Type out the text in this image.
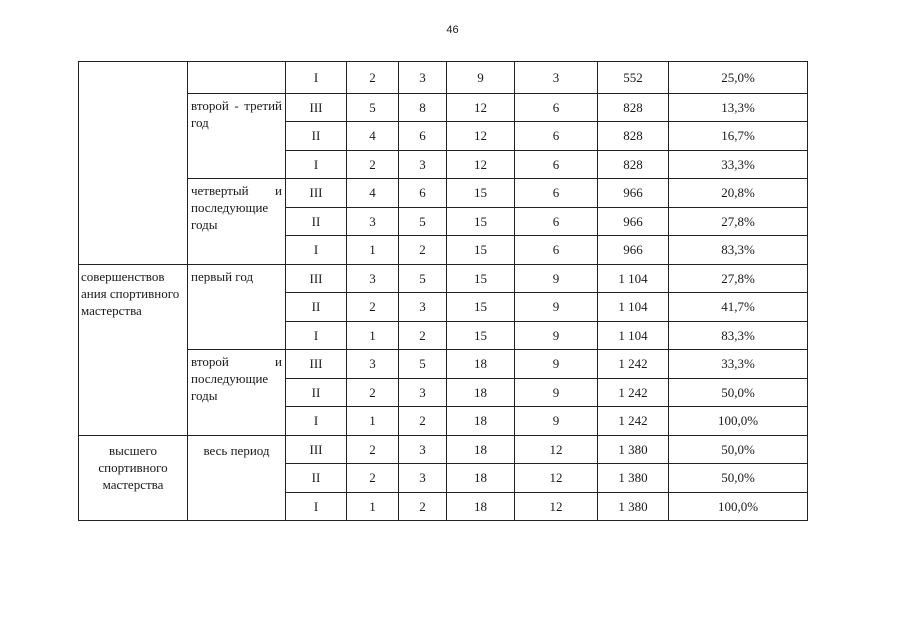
46
		I	2	3	9	3	552	25,0%
	второй - третий год	III	5	8	12	6	828	13,3%
		II	4	6	12	6	828	16,7%
		I	2	3	12	6	828	33,3%
	четвертый и последующие годы	III	4	6	15	6	966	20,8%
		II	3	5	15	6	966	27,8%
		I	1	2	15	6	966	83,3%
совершенствов ания спортивного мастерства	первый год	III	3	5	15	9	1 104	27,8%
		II	2	3	15	9	1 104	41,7%
		I	1	2	15	9	1 104	83,3%
	второй и последующие годы	III	3	5	18	9	1 242	33,3%
		II	2	3	18	9	1 242	50,0%
		I	1	2	18	9	1 242	100,0%
высшего спортивного мастерства	весь период	III	2	3	18	12	1 380	50,0%
		II	2	3	18	12	1 380	50,0%
		I	1	2	18	12	1 380	100,0%
